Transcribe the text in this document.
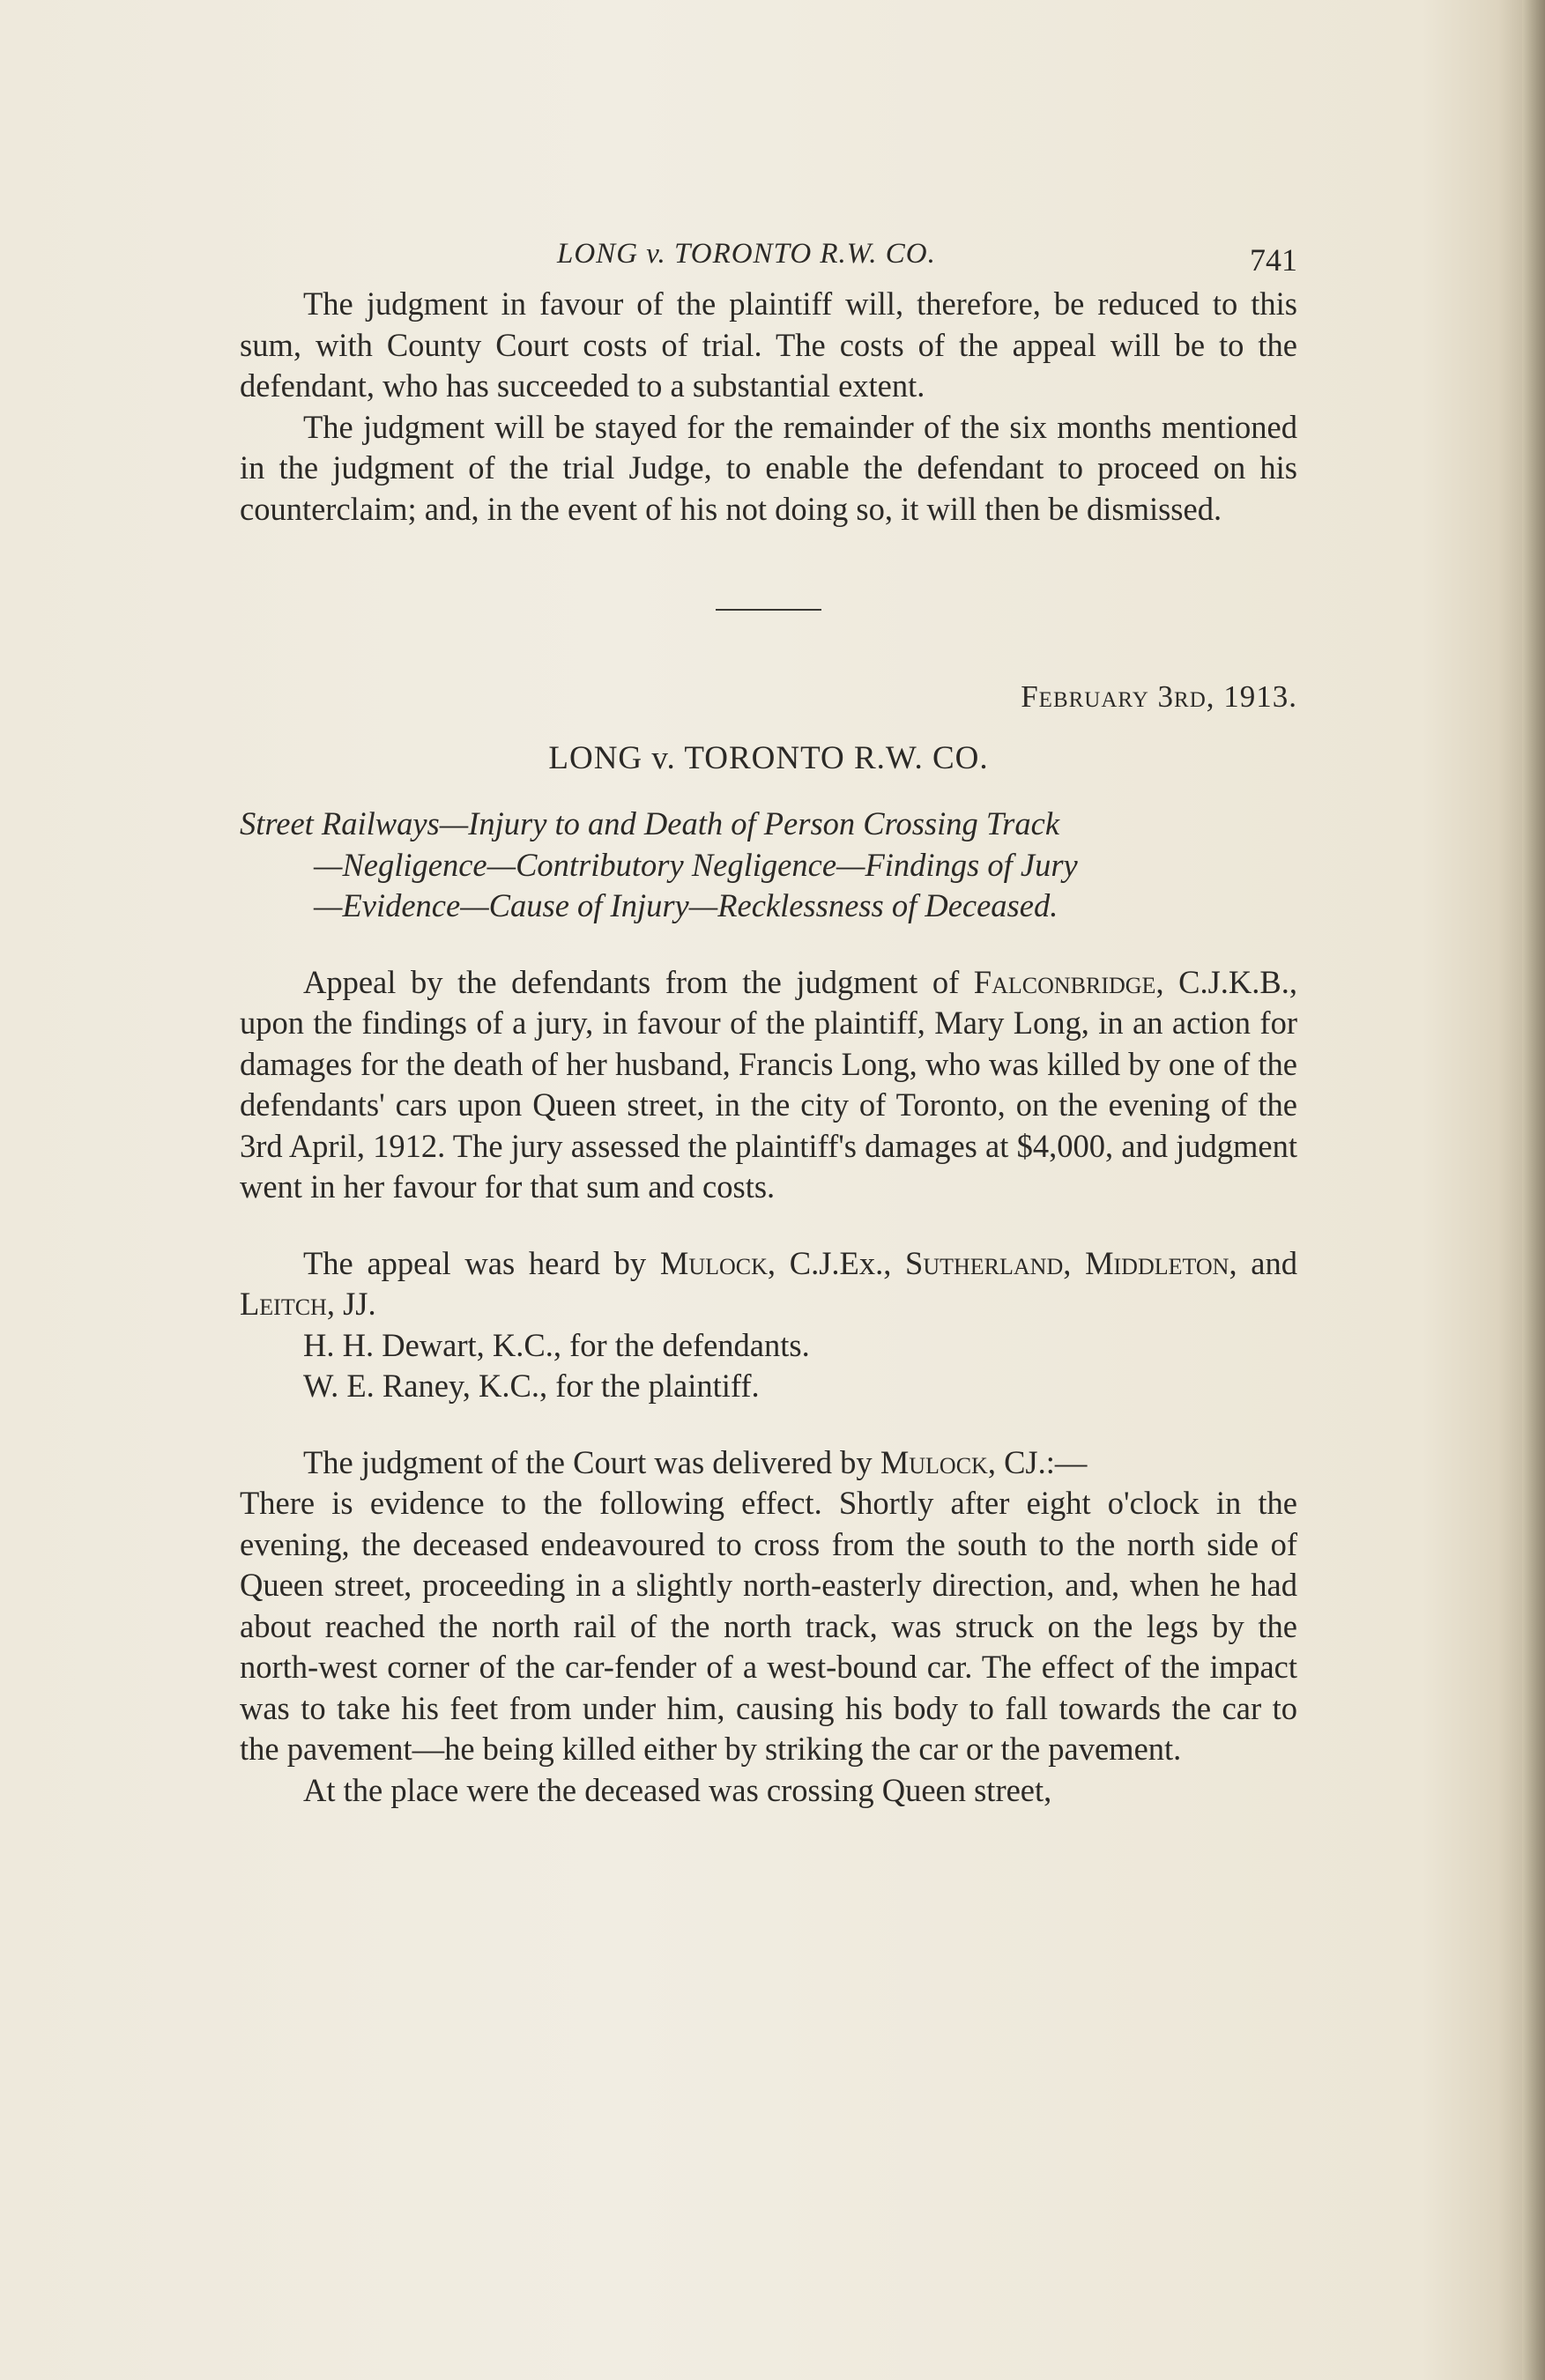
LONG v. TORONTO R.W. CO.	741

The judgment in favour of the plaintiff will, therefore, be reduced to this sum, with County Court costs of trial. The costs of the appeal will be to the defendant, who has succeeded to a substantial extent.

The judgment will be stayed for the remainder of the six months mentioned in the judgment of the trial Judge, to enable the defendant to proceed on his counterclaim; and, in the event of his not doing so, it will then be dismissed.

February 3rd, 1913.
LONG v. TORONTO R.W. CO.
Street Railways—Injury to and Death of Person Crossing Track
—Negligence—Contributory Negligence—Findings of Jury
—Evidence—Cause of Injury—Recklessness of Deceased.

Appeal by the defendants from the judgment of Falconbridge, C.J.K.B., upon the findings of a jury, in favour of the plaintiff, Mary Long, in an action for damages for the death of her husband, Francis Long, who was killed by one of the defendants' cars upon Queen street, in the city of Toronto, on the evening of the 3rd April, 1912. The jury assessed the plaintiff's damages at $4,000, and judgment went in her favour for that sum and costs.

The appeal was heard by Mulock, C.J.Ex., Sutherland, Middleton, and Leitch, JJ.

H. H. Dewart, K.C., for the defendants.

W. E. Raney, K.C., for the plaintiff.

The judgment of the Court was delivered by Mulock, CJ.:—

There is evidence to the following effect. Shortly after eight o'clock in the evening, the deceased endeavoured to cross from the south to the north side of Queen street, proceeding in a slightly north-easterly direction, and, when he had about reached the north rail of the north track, was struck on the legs by the north-west corner of the car-fender of a west-bound car. The effect of the impact was to take his feet from under him, causing his body to fall towards the car to the pavement—he being killed either by striking the car or the pavement.

At the place were the deceased was crossing Queen street,
